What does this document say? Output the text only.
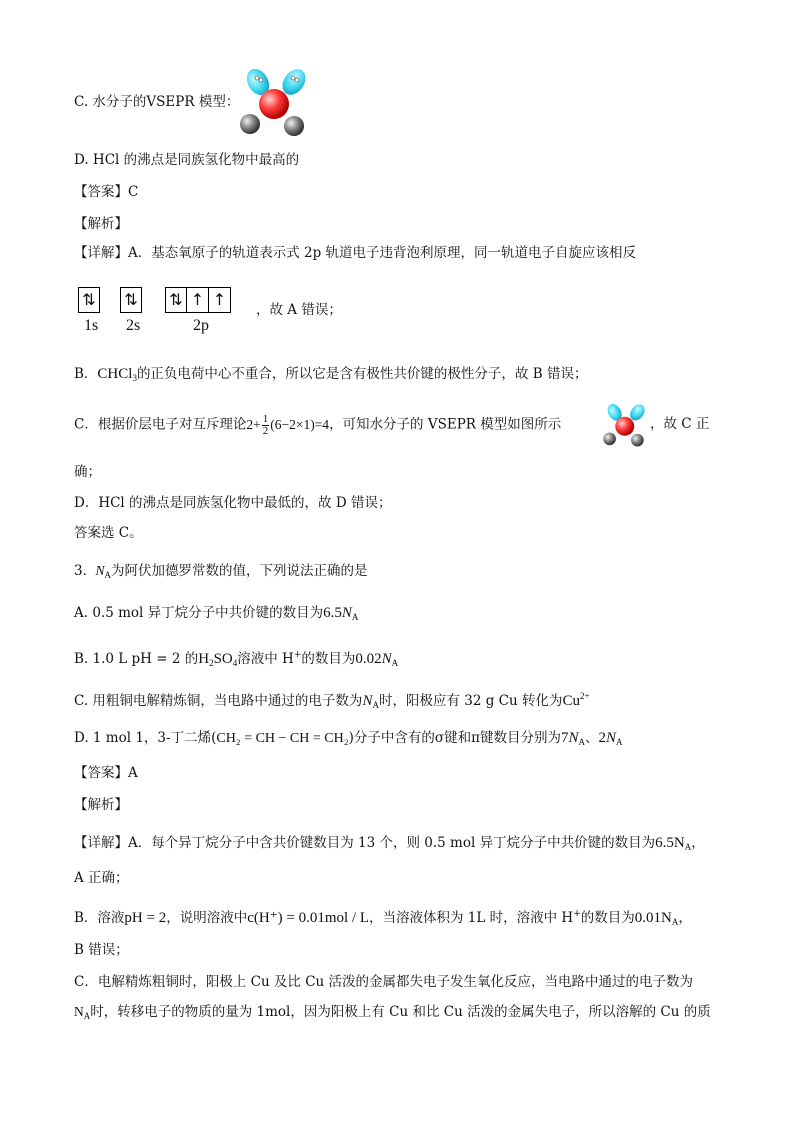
C. 水分子的VSEPR 模型：
D. HCl 的沸点是同族氢化物中最高的
【答案】C
【解析】
【详解】A．基态氧原子的轨道表示式 2p 轨道电子违背泡利原理，同一轨道电子自旋应该相反
⇅ ⇅ ⇅ ↑ ↑
1s 2s	2p
，故 A 错误；
B．CHCl$_3$的正负电荷中心不重合，所以它是含有极性共价键的极性分子，故 B 错误；
C．根据价层电子对互斥理论$2+ \frac{1}{2} (6-2\times 1)=4$，可知水分子的 VSEPR 模型如图所示	，故 C 正
确；
D．HCl 的沸点是同族氢化物中最低的，故 D 错误；
答案选 C。
3. $N_A$为阿伏加德罗常数的值，下列说法正确的是
A. 0.5 mol 异丁烷分子中共价键的数目为$6.5N_A$
B. 1.0 L pH = 2 的$H_2SO_4$溶液中 H+的数目为$0.02N_A$
C. 用粗铜电解精炼铜，当电路中通过的电子数为$N_A$时，阳极应有 32 g Cu 转化为$Cu^{2+}$
D. 1 mol 1，3-丁二烯(CH₂ = CH − CH = CH₂)分子中含有的σ键和π键数目分别为$7N_A$、$2N_A$
【答案】A
【解析】
【详解】A．每个异丁烷分子中含共价键数目为 13 个，则 0.5 mol 异丁烷分子中共价键的数目为$6.5N_A$，
A 正确；
B．溶液pH = 2，说明溶液中c(H⁺) = 0.01mol / L，当溶液体积为 1L 时，溶液中 H+的数目为$0.01N_A$，
B 错误；
C．电解精炼粗铜时，阳极上 Cu 及比 Cu 活泼的金属都失电子发生氧化反应，当电路中通过的电子数为
$N_A$时，转移电子的物质的量为 1mol，因为阳极上有 Cu 和比 Cu 活泼的金属失电子，所以溶解的 Cu 的质
